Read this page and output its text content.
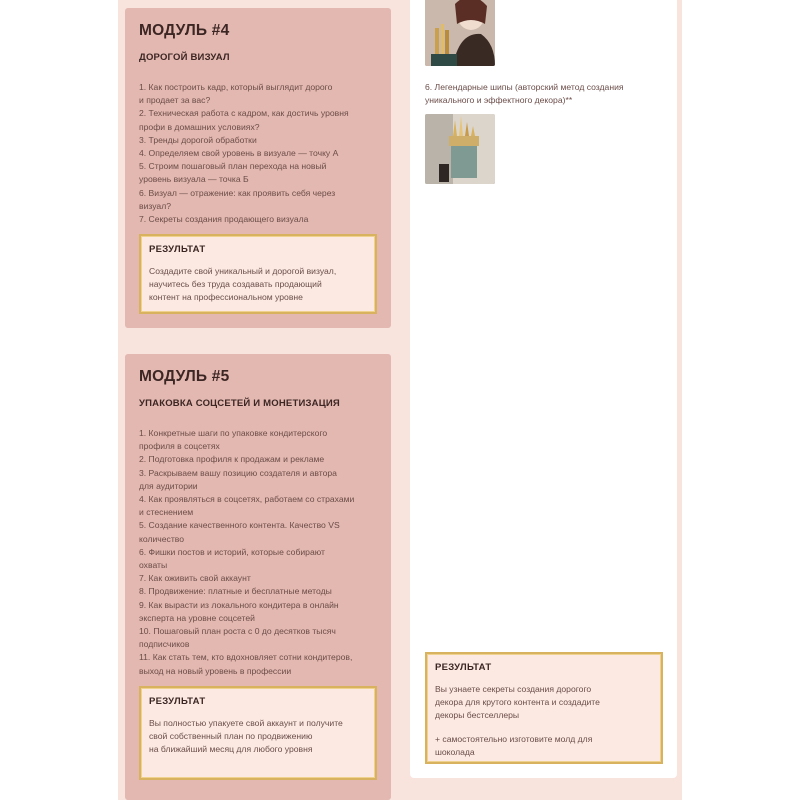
МОДУЛЬ #4
ДОРОГОЙ ВИЗУАЛ
1. Как построить кадр, который выглядит дорого
и продает за вас?
2. Техническая работа с кадром, как достичь уровня
профи в домашних условиях?
3. Тренды дорогой обработки
4. Определяем свой уровень в визуале — точку А
5. Строим пошаговый план перехода на новый
уровень визуала — точка Б
6. Визуал — отражение: как проявить себя через
визуал?
7. Секреты создания продающего визуала
РЕЗУЛЬТАТ
Создадите свой уникальный и дорогой визуал,
научитесь без труда создавать продающий
контент на профессиональном уровне
МОДУЛЬ #5
УПАКОВКА СОЦСЕТЕЙ И МОНЕТИЗАЦИЯ
1. Конкретные шаги по упаковке кондитерского
профиля в соцсетях
2. Подготовка профиля к продажам и рекламе
3. Раскрываем вашу позицию создателя и автора
для аудитории
4. Как проявляться в соцсетях, работаем со страхами
и стеснением
5. Создание качественного контента. Качество VS
количество
6. Фишки постов и историй, которые собирают
охваты
7. Как оживить свой аккаунт
8. Продвижение: платные и бесплатные методы
9. Как вырасти из локального кондитера в онлайн
эксперта на уровне соцсетей
10. Пошаговый план роста с 0 до десятков тысяч
подписчиков
11. Как стать тем, кто вдохновляет сотни кондитеров,
выход на новый уровень в профессии
РЕЗУЛЬТАТ
Вы полностью упакуете свой аккаунт и получите
свой собственный план по продвижению
на ближайший месяц для любого уровня
6. Легендарные шипы (авторский метод создания
уникального и эффектного декора)**
РЕЗУЛЬТАТ
Вы узнаете секреты создания дорогого
декора для крутого контента и создадите
декоры бестселлеры
+ самостоятельно изготовите молд для
шоколада
